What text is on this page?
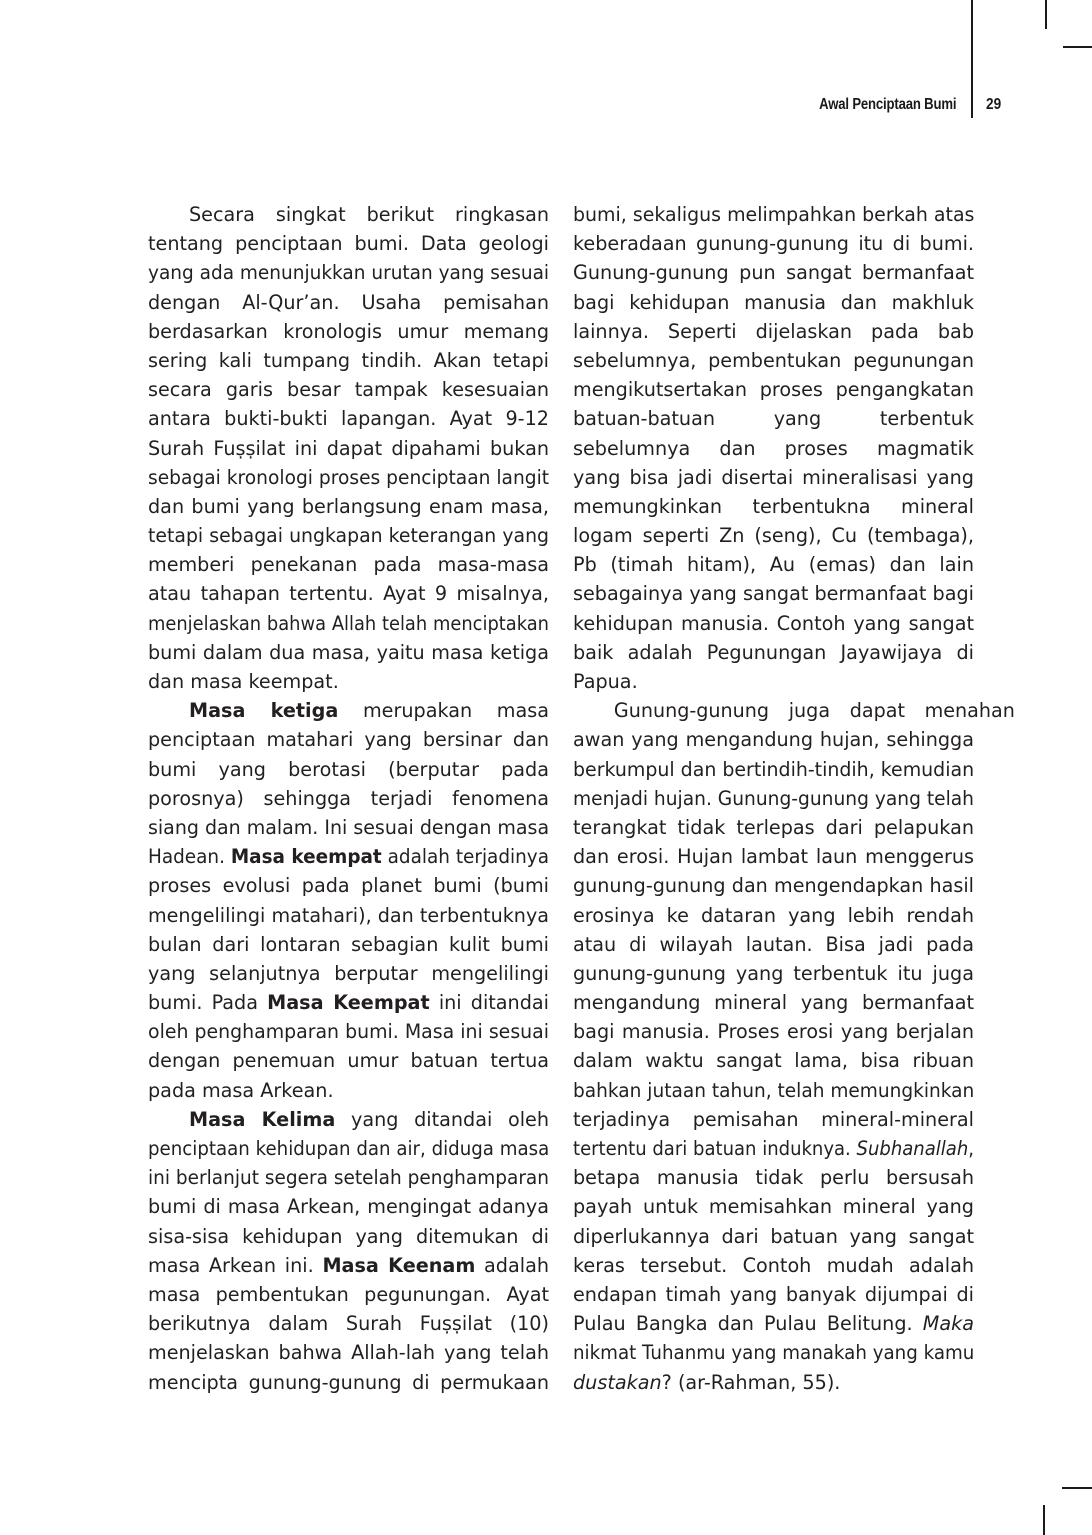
Awal Penciptaan Bumi 29
Secara singkat berikut ringkasan
tentang penciptaan bumi. Data geologi
yang ada menunjukkan urutan yang sesuai
dengan Al-Qur’an. Usaha pemisahan
berdasarkan kronologis umur memang
sering kali tumpang tindih. Akan tetapi
secara garis besar tampak kesesuaian
antara bukti-bukti lapangan. Ayat 9-12
Surah Fuṣṣilat ini dapat dipahami bukan
sebagai kronologi proses penciptaan langit
dan bumi yang berlangsung enam masa,
tetapi sebagai ungkapan keterangan yang
memberi penekanan pada masa-masa
atau tahapan tertentu. Ayat 9 misalnya,
menjelaskan bahwa Allah telah menciptakan
bumi dalam dua masa, yaitu masa ketiga
dan masa keempat.
Masa ketiga merupakan masa
penciptaan matahari yang bersinar dan
bumi yang berotasi (berputar pada
porosnya) sehingga terjadi fenomena
siang dan malam. Ini sesuai dengan masa
Hadean. Masa keempat adalah terjadinya
proses evolusi pada planet bumi (bumi
mengelilingi matahari), dan terbentuknya
bulan dari lontaran sebagian kulit bumi
yang selanjutnya berputar mengelilingi
bumi. Pada Masa Keempat ini ditandai
oleh penghamparan bumi. Masa ini sesuai
dengan penemuan umur batuan tertua
pada masa Arkean.
Masa Kelima yang ditandai oleh
penciptaan kehidupan dan air, diduga masa
ini berlanjut segera setelah penghamparan
bumi di masa Arkean, mengingat adanya
sisa-sisa kehidupan yang ditemukan di
masa Arkean ini. Masa Keenam adalah
masa pembentukan pegunungan. Ayat
berikutnya dalam Surah Fuṣṣilat (10)
menjelaskan bahwa Allah-lah yang telah
mencipta gunung-gunung di permukaan
bumi, sekaligus melimpahkan berkah atas
keberadaan gunung-gunung itu di bumi.
Gunung-gunung pun sangat bermanfaat
bagi kehidupan manusia dan makhluk
lainnya. Seperti dijelaskan pada bab
sebelumnya, pembentukan pegunungan
mengikutsertakan proses pengangkatan
batuan-batuan yang terbentuk
sebelumnya dan proses magmatik
yang bisa jadi disertai mineralisasi yang
memungkinkan terbentukna mineral
logam seperti Zn (seng), Cu (tembaga),
Pb (timah hitam), Au (emas) dan lain
sebagainya yang sangat bermanfaat bagi
kehidupan manusia. Contoh yang sangat
baik adalah Pegunungan Jayawijaya di
Papua.
Gunung-gunung juga dapat menahan
awan yang mengandung hujan, sehingga
berkumpul dan bertindih-tindih, kemudian
menjadi hujan. Gunung-gunung yang telah
terangkat tidak terlepas dari pelapukan
dan erosi. Hujan lambat laun menggerus
gunung-gunung dan mengendapkan hasil
erosinya ke dataran yang lebih rendah
atau di wilayah lautan. Bisa jadi pada
gunung-gunung yang terbentuk itu juga
mengandung mineral yang bermanfaat
bagi manusia. Proses erosi yang berjalan
dalam waktu sangat lama, bisa ribuan
bahkan jutaan tahun, telah memungkinkan
terjadinya pemisahan mineral-mineral
tertentu dari batuan induknya. Subhanallah,
betapa manusia tidak perlu bersusah
payah untuk memisahkan mineral yang
diperlukannya dari batuan yang sangat
keras tersebut. Contoh mudah adalah
endapan timah yang banyak dijumpai di
Pulau Bangka dan Pulau Belitung. Maka
nikmat Tuhanmu yang manakah yang kamu
dustakan? (ar-Rahman, 55).
